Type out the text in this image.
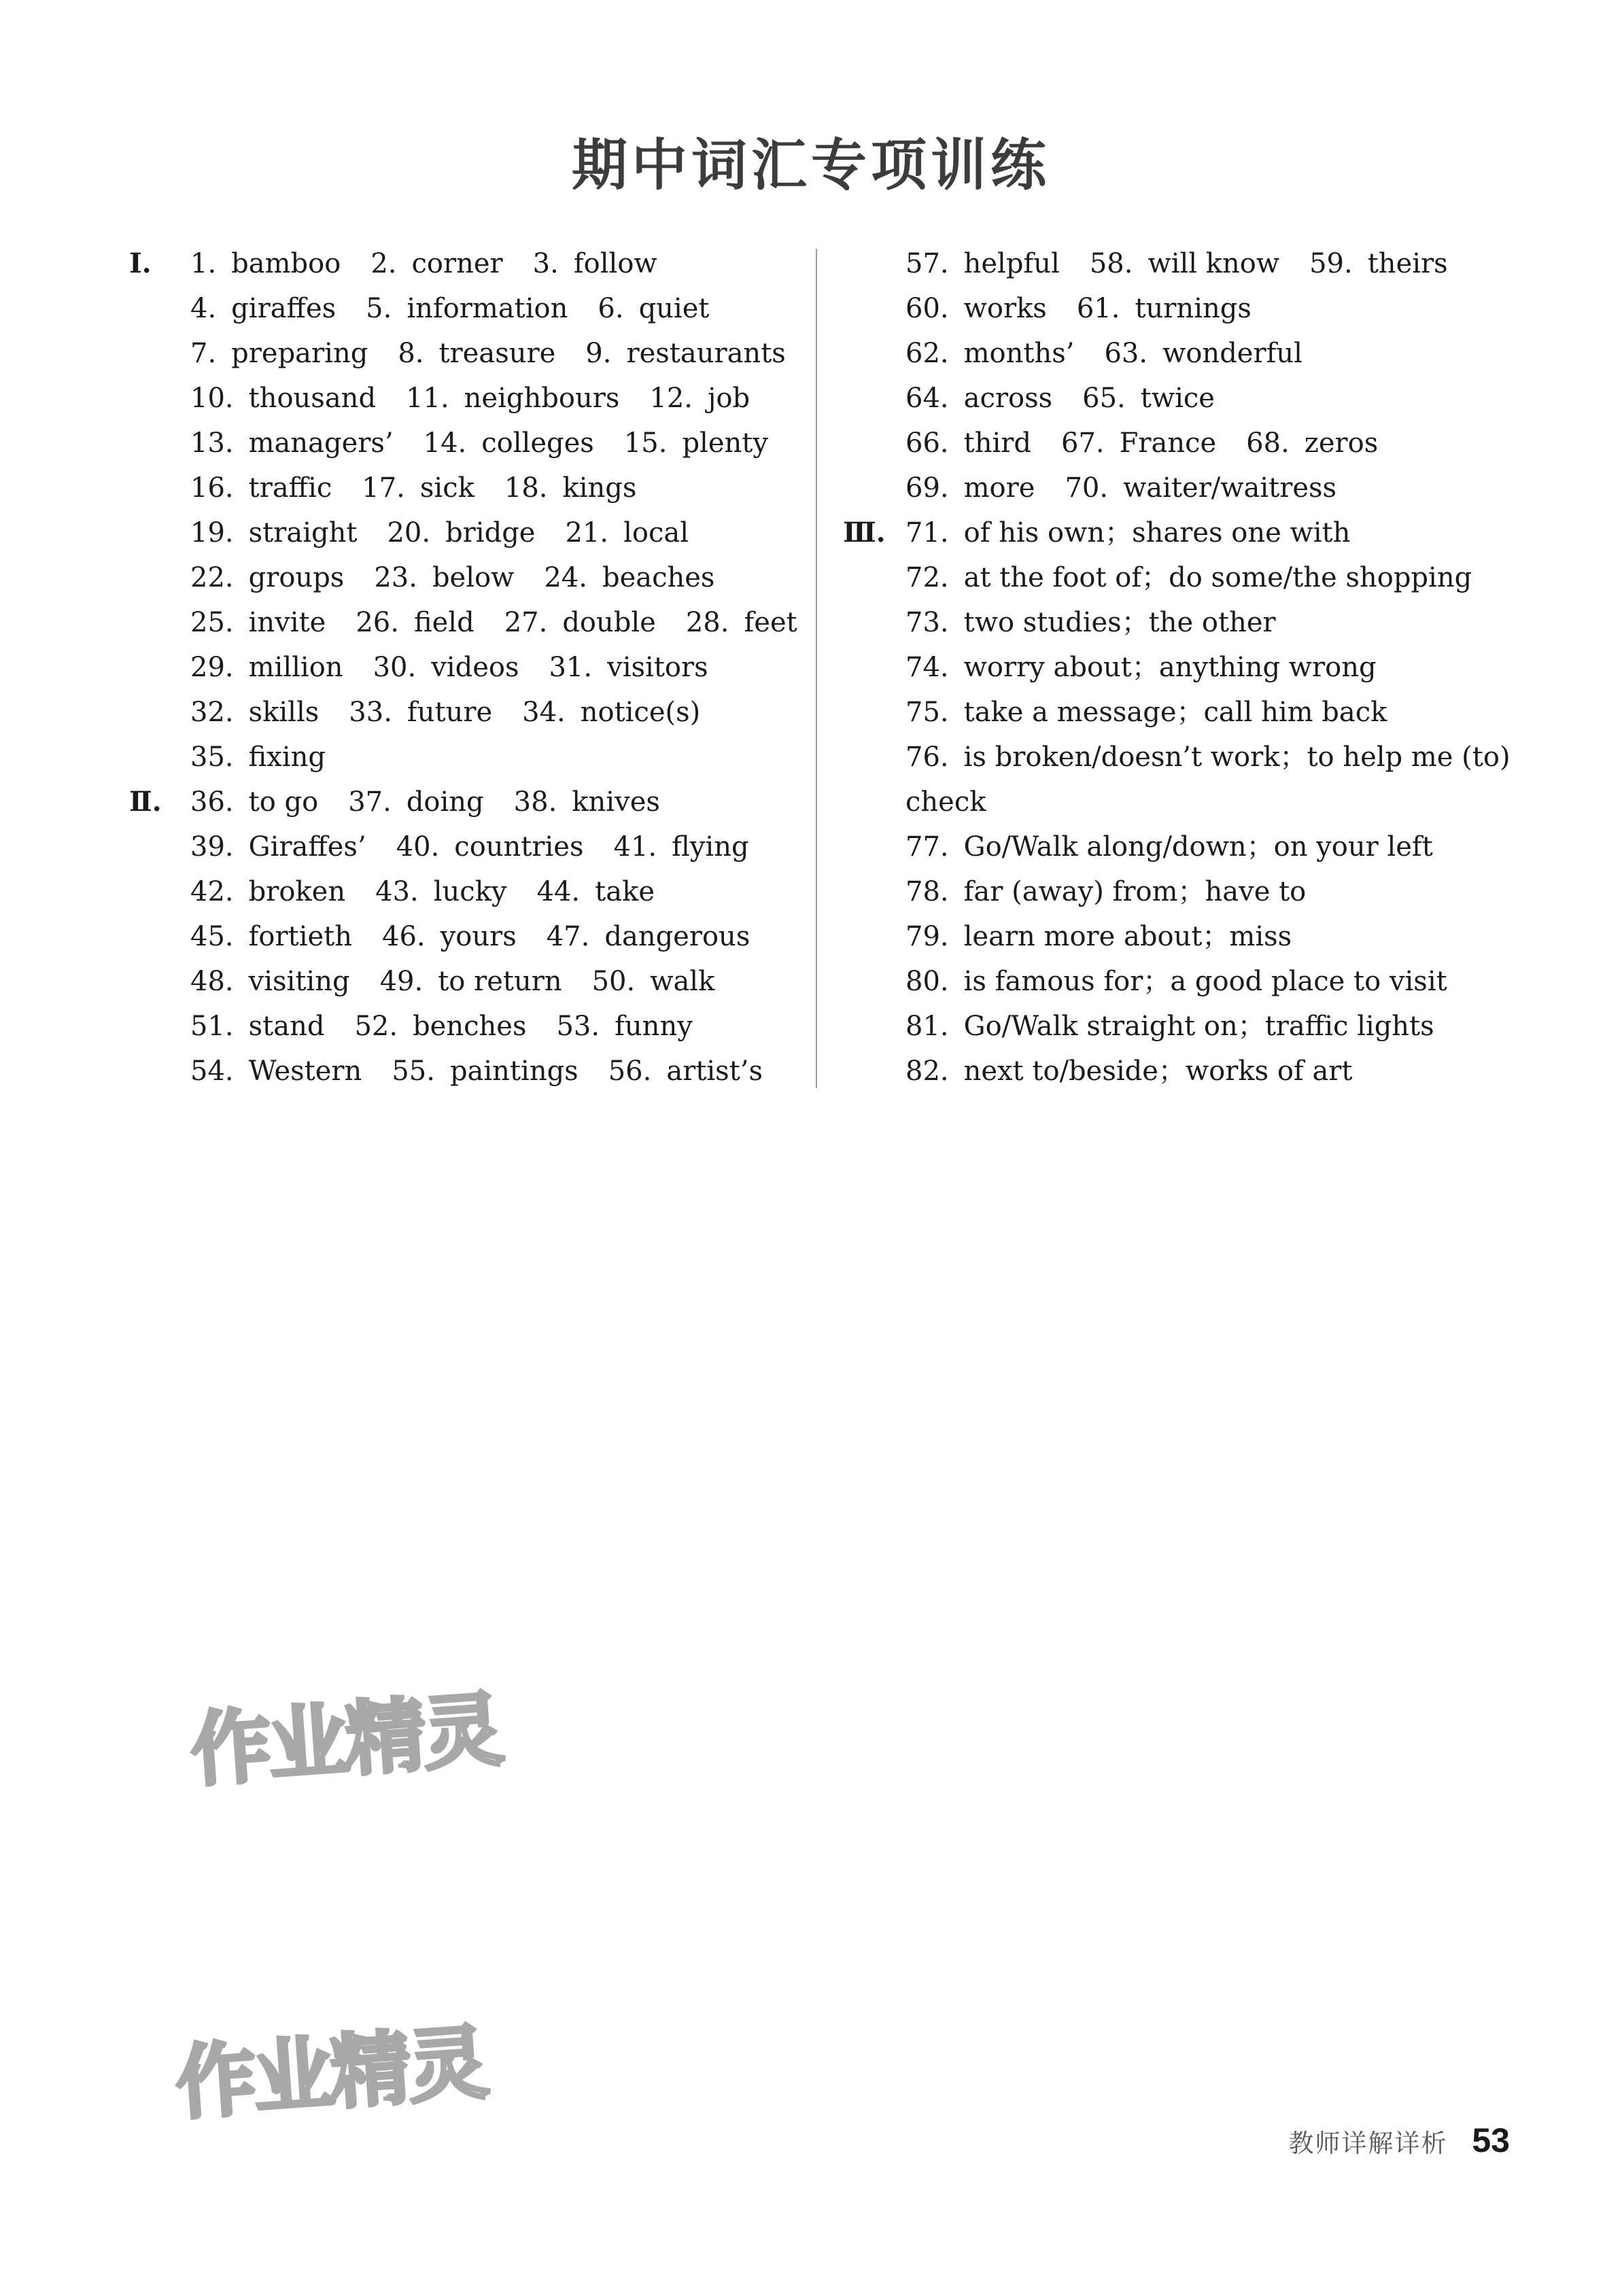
期中词汇专项训练
Ⅰ. 1. bamboo 2. corner 3. follow
4. giraffes 5. information 6. quiet
7. preparing 8. treasure 9. restaurants
10. thousand 11. neighbours 12. job
13. managers’ 14. colleges 15. plenty
16. traffic 17. sick 18. kings
19. straight 20. bridge 21. local
22. groups 23. below 24. beaches
25. invite 26. field 27. double 28. feet
29. million 30. videos 31. visitors
32. skills 33. future 34. notice(s)
35. fixing
Ⅱ. 36. to go 37. doing 38. knives
39. Giraffes’ 40. countries 41. flying
42. broken 43. lucky 44. take
45. fortieth 46. yours 47. dangerous
48. visiting 49. to return 50. walk
51. stand 52. benches 53. funny
54. Western 55. paintings 56. artist’s
57. helpful 58. will know 59. theirs
60. works 61. turnings
62. months’ 63. wonderful
64. across 65. twice
66. third 67. France 68. zeros
69. more 70. waiter/waitress
Ⅲ. 71. of his own；shares one with
72. at the foot of；do some/the shopping
73. two studies；the other
74. worry about；anything wrong
75. take a message；call him back
76. is broken/doesn’t work；to help me (to)
check
77. Go/Walk along/down；on your left
78. far (away) from；have to
79. learn more about；miss
80. is famous for；a good place to visit
81. Go/Walk straight on；traffic lights
82. next to/beside；works of art
作业精灵
作业精灵
教师详解详析 53
